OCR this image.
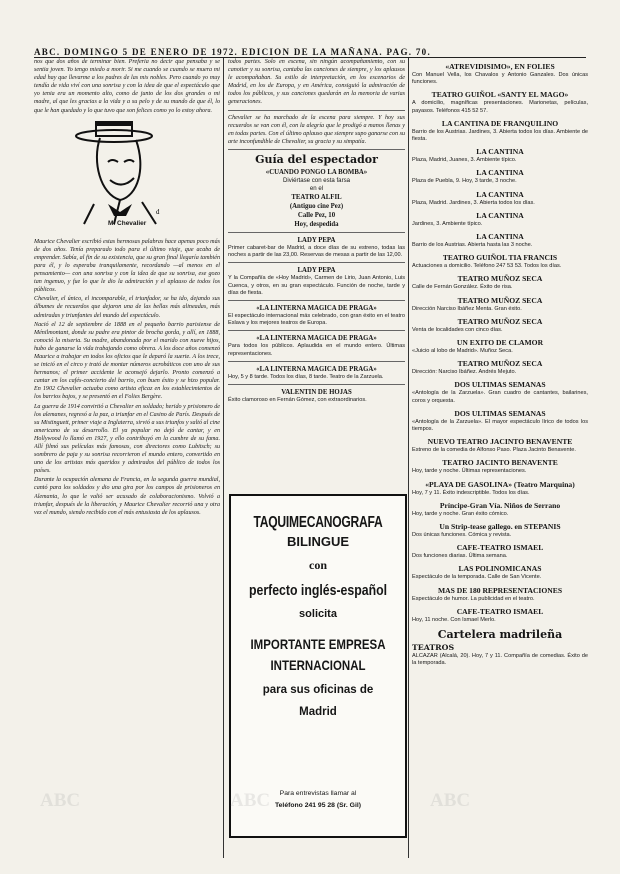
ABC. DOMINGO 5 DE ENERO DE 1972. EDICION DE LA MAÑANA. PAG. 70.

nos que dos años de terminar bien. Preferia no decir que pensaba y se sentia joven. Yo tengo miedo a morir. Si me cuando se cuando se muera mi edad hay que llevarme a los padres de las mis nobles. Pero cuando yo muy tendía de vida viví con una sonrisa y con la idea de que el espectáculo que yo tenia era un momento alto, como de junto de los dos grandes o mi madre, al que les gracias a la vida y a su pelo y de su mundo de que él, lo que le han quedado y lo que tuvo que son felices como yo lo estoy ahora.

d
M. Chevalier

Maurice Chevalier escribió estas hermosas palabras hace apenas poco más de dos años. Tenía preparado todo para el último viaje, que acaba de emprender. Sabía, al fin de su existencia, que su gran final llegaría también para él, y lo esperaba tranquilamente, recordando —al menos en el pensamiento— con una sonrisa y con la idea de que su sonrisa, ese gozo tan ingenuo, y fue lo que le dio la admiración y el aplauso de todos los públicos.

Chevalier, el único, el incomparable, el triunfador, se ha ido, dejando sus álbumes de recuerdos que dejaron una de las bellas más alineadas, más admiradas y triunfantes del mundo del espectáculo.

Nació el 12 de septiembre de 1888 en el pequeño barrio parisiense de Ménilmontant, donde su padre era pintor de brocha gorda, y allí, en 1888, conoció la miseria. Su madre, abandonada por el marido con nueve hijos, hubo de ganarse la vida trabajando como obrera. A los doce años comenzó Maurice a trabajar en todos los oficios que le deparó la suerte. A los trece, se inició en el circo y trató de montar números acrobáticos con uno de sus hermanos; el primer accidente le aconsejó dejarlo. Pronto comenzó a cantar en los cafés-concierto del barrio, con buen éxito y se hizo popular. En 1902 Chevalier actuaba como artista eficaz en los establecimientos de los barrios bajos, y se presentó en el Folies Bergère.

La guerra de 1914 convirtió a Chevalier en soldado; herido y prisionero de los alemanes, regresó a la paz, a triunfar en el Casino de París. Después de su Mistinguett, primer viaje a Inglaterra, sirvió a sus triunfos y saltó al cine americano de su desarrollo. El ya popular no dejó de cantar, y en Hollywood lo llamó en 1927, y ello contribuyó en la cumbre de su fama. Allí filmó sus películas más famosas, con directores como Lubitsch; su sombrero de paja y su sonrisa recorrieron el mundo entero, convertido en uno de los artistas más queridos y admirados del público de todos los países.

Durante la ocupación alemana de Francia, en la segunda guerra mundial, cantó para los soldados y dio una gira por los campos de prisioneros en Alemania, lo que le valió ser acusado de colaboracionismo. Volvió a triunfar, después de la liberación, y Maurice Chevalier recorrió una y otra vez el mundo, siendo recibido con el más entusiasta de los aplausos.

todos partes. Solo en escena, sin ningún acompañamiento, con su canotier y su sonrisa, cantaba las canciones de siempre, y los aplausos le acompañaban. Su estilo de interpretación, en los escenarios de Madrid, en los de Europa, y en América, consiguió la admiración de todos los públicos, y sus canciones quedarán en la memoria de varias generaciones.

Chevalier se ha marchado de la escena para siempre. Y hoy sus recuerdos se van con él, con la alegría que le prodigó a manos llenas y en todas partes. Con el último aplauso que siempre supo ganarse con su arte inconfundible de Chevalier, su gracia y su simpatía.

Guía del espectador
«CUANDO PONGO LA BOMBA»
Diviértase con esta farsa
en el
TEATRO ALFIL
(Antiguo cine Pez)
Calle Pez, 10
Hoy, despedida
LADY PEPA

Primer cabaret-bar de Madrid, a doce días de su estreno, todas las noches a partir de las 23,00. Reservas de mesas a partir de las 12,00.

LADY PEPA

Y la Compañía de «Hoy Madrid», Carmen de Lirio, Juan Antonio, Luis Cuenca, y otros, en su gran espectáculo. Función de noche, tarde y días de fiesta.

«LA LINTERNA MAGICA DE PRAGA»

El espectáculo internacional más celebrado, con gran éxito en el teatro Eslava y los mejores teatros de Europa.

«LA LINTERNA MAGICA DE PRAGA»

Para todos los públicos. Aplaudida en el mundo entero. Últimas representaciones.

«LA LINTERNA MAGICA DE PRAGA»

Hoy, 5 y 8 tarde. Todos los días, 8 tarde. Teatro de la Zarzuela.

VALENTIN DE HOJAS

Éxito clamoroso en Fernán Gómez, con extraordinarios.

TAQUIMECANOGRAFA
BILINGUE
con
perfecto inglés-español
solicita
IMPORTANTE EMPRESA
INTERNACIONAL
para sus oficinas de
Madrid
Para entrevistas llamar al
Teléfono 241 95 28 (Sr. Gil)
«ATREVIDISIMO», EN FOLIES

Con Manuel Vella, los Chavalos y Antonio Ganzales. Dos únicas funciones.

TEATRO GUIÑOL «SANTY EL MAGO»

A domicilio, magníficas presentaciones. Marionetas, películas, payasos. Teléfonos 415 52 57.

LA CANTINA DE FRANQUILINO

Barrio de los Austrias. Jardines, 3. Abierta todos los días. Ambiente de fiesta.

LA CANTINA

Plaza, Madrid, Juanes, 3. Ambiente típico.

LA CANTINA

Plaza de Puebla, 9. Hoy, 3 tarde, 3 noche.

LA CANTINA

Plaza, Madrid. Jardines, 3. Abierta todos los días.

LA CANTINA

Jardines, 3. Ambiente típico.

LA CANTINA

Barrio de los Austrias. Abierta hasta las 3 noche.

TEATRO GUIÑOL TIA FRANCIS

Actuaciones a domicilio. Teléfono 247 53 53. Todos los días.

TEATRO MUÑOZ SECA

Calle de Fernán González. Éxito de risa.

TEATRO MUÑOZ SECA

Dirección Narciso Ibáñez Menta. Gran éxito.

TEATRO MUÑOZ SECA

Venta de localidades con cinco días.

UN EXITO DE CLAMOR

«Juicio al lobo de Madrid». Muñoz Seca.

TEATRO MUÑOZ SECA

Dirección: Narciso Ibáñez. Andrés Mejuto.

DOS ULTIMAS SEMANAS

«Antología de la Zarzuela». Gran cuadro de cantantes, bailarines, coros y orquesta.

DOS ULTIMAS SEMANAS

«Antología de la Zarzuela». El mayor espectáculo lírico de todos los tiempos.

NUEVO TEATRO JACINTO BENAVENTE

Estreno de la comedia de Alfonso Paso. Plaza Jacinto Benavente.

TEATRO JACINTO BENAVENTE

Hoy, tarde y noche. Últimas representaciones.

«PLAYA DE GASOLINA» (Teatro Marquina)

Hoy, 7 y 11. Éxito indescriptible. Todos los días.

Príncipe-Gran Vía. Niños de Serrano

Hoy, tarde y noche. Gran éxito cómico.

Un Strip-tease gallego. en STEPANIS

Dos únicas funciones. Cómica y revista.

CAFE-TEATRO ISMAEL

Dos funciones diarias. Última semana.

LAS POLINOMICANAS

Espectáculo de la temporada. Calle de San Vicente.

MAS DE 180 REPRESENTACIONES

Espectáculo de humor. La publicidad en el teatro.

CAFE-TEATRO ISMAEL

Hoy, 11 noche. Con Ismael Merlo.

Cartelera madrileña
TEATROS

ALCAZAR (Alcalá, 20). Hoy, 7 y 11. Compañía de comedias. Éxito de la temporada.

ABC	ABC	ABC
